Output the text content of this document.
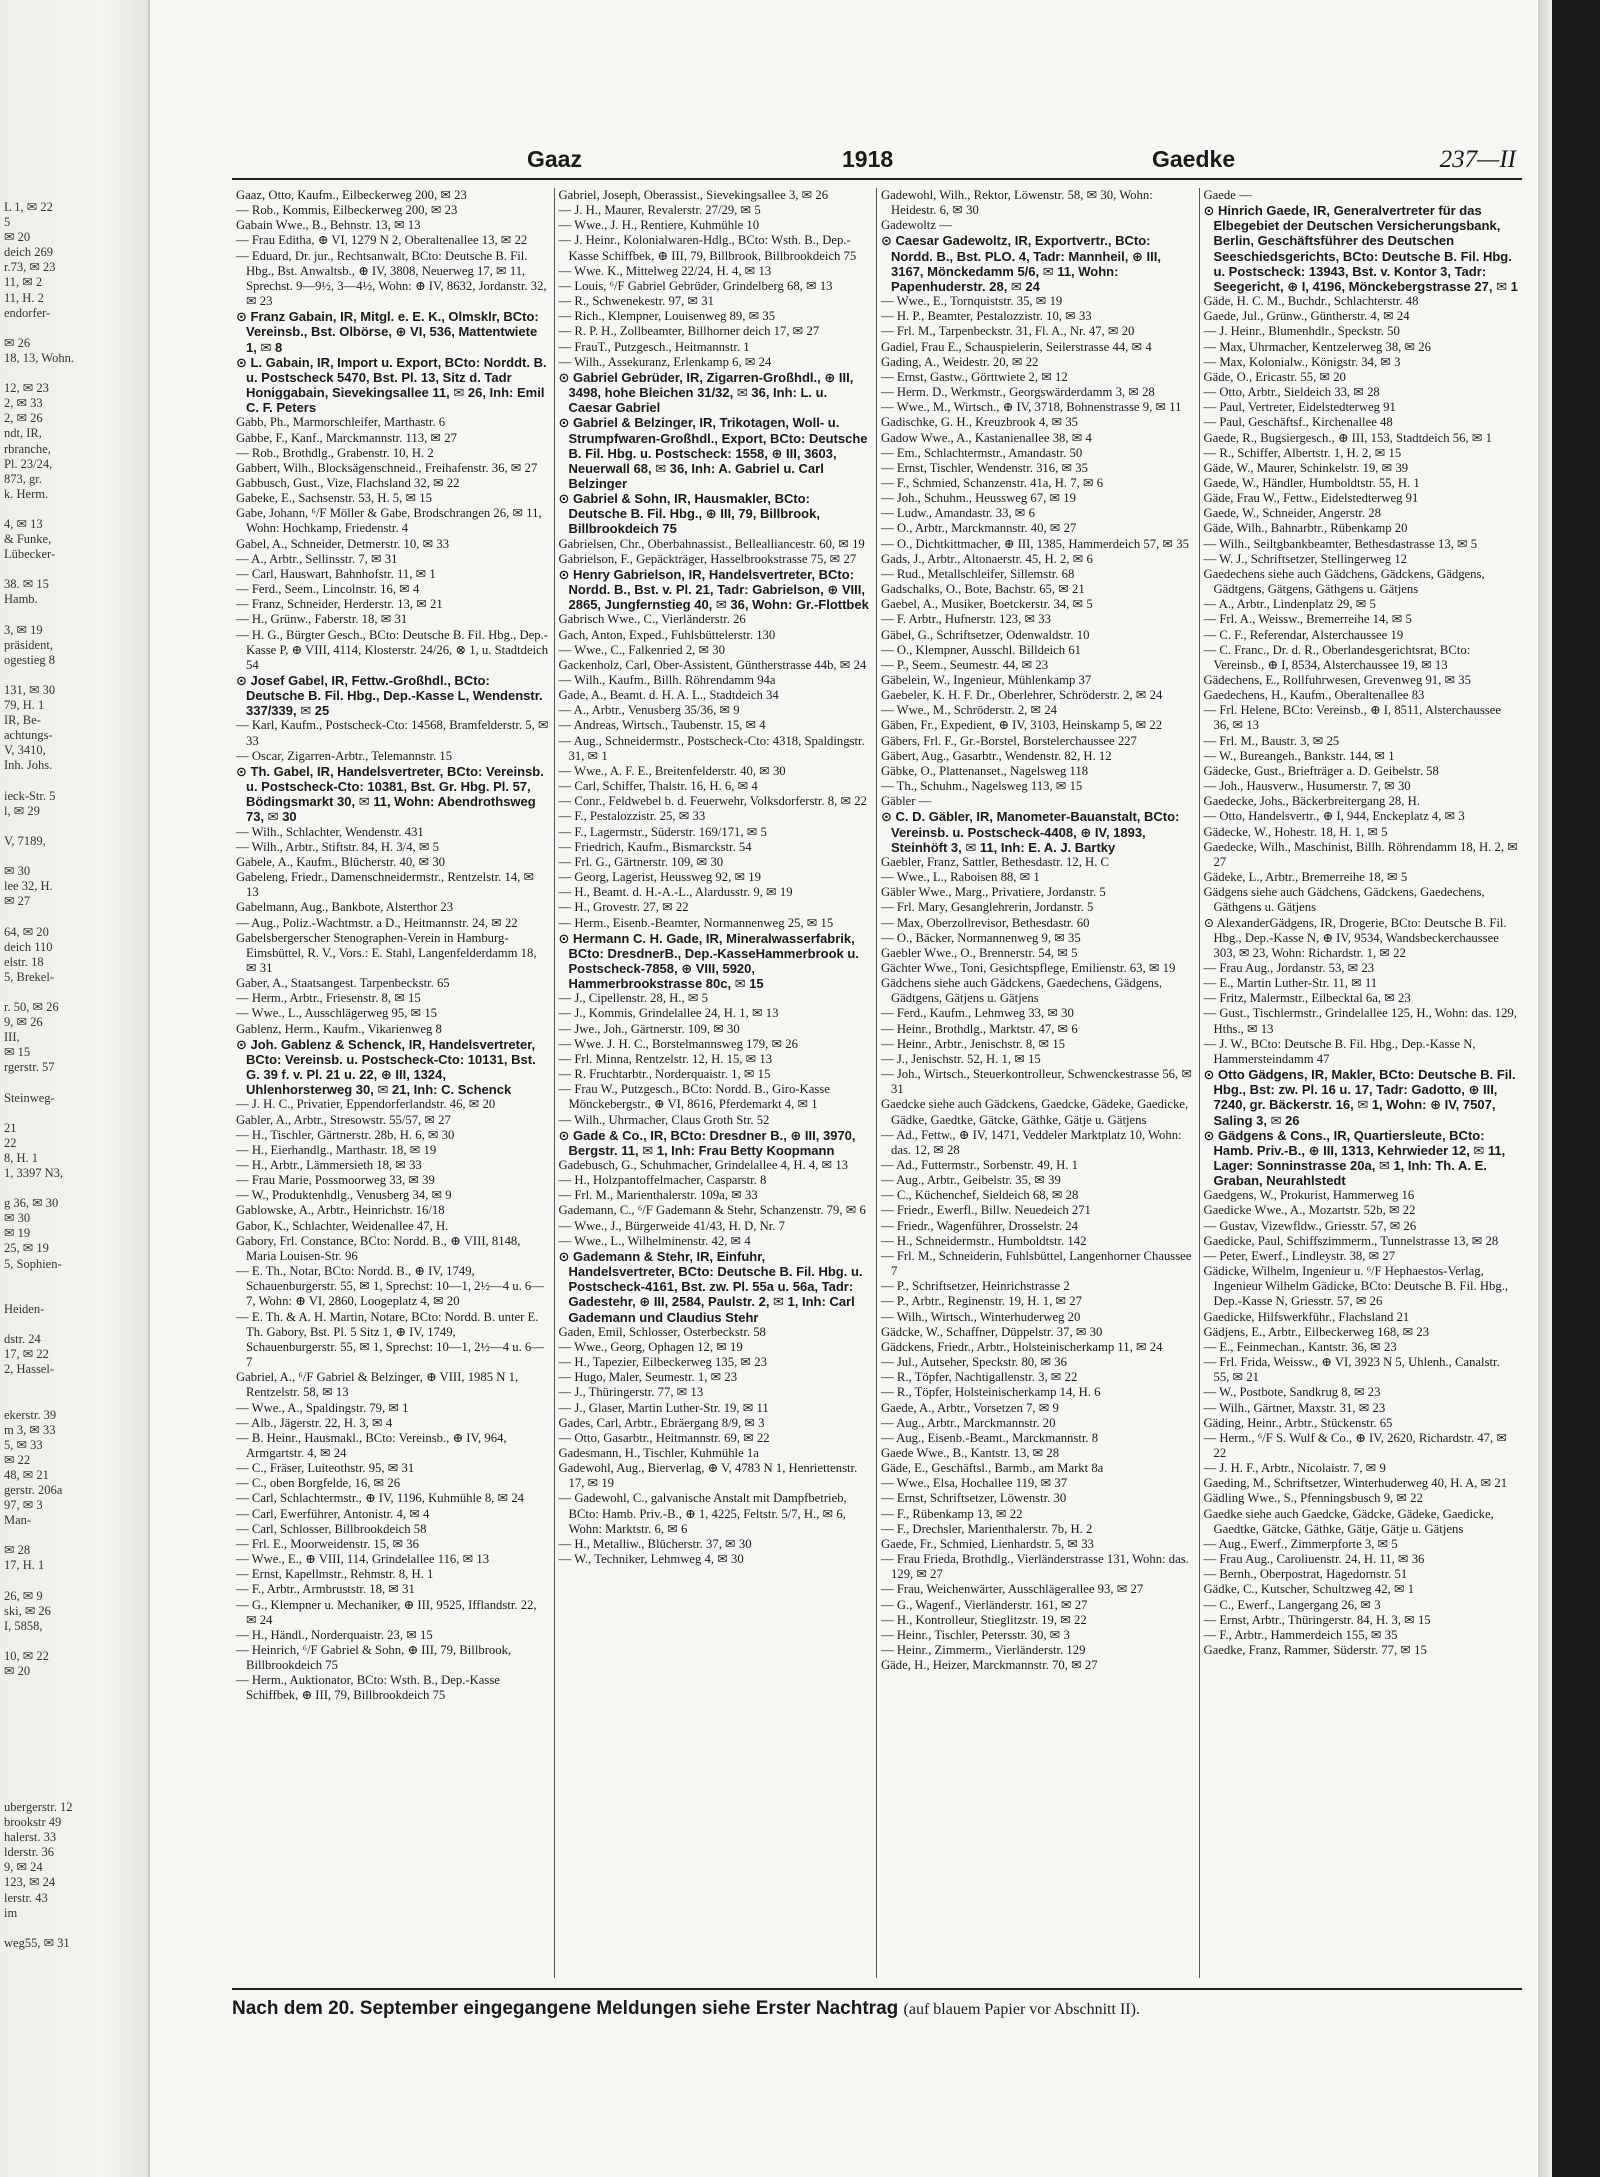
L 1, ✉ 22
5
✉ 20
deich 269
r.73, ✉ 23
11, ✉ 2
11, H. 2
endorfer-

✉ 26
18, 13, Wohn.

12, ✉ 23
2, ✉ 33
2, ✉ 26
ndt, IR,
rbranche,
Pl. 23/24,
873, gr.
k. Herm.

4, ✉ 13
& Funke,
Lübecker-

38. ✉ 15
Hamb.

3, ✉ 19
präsident,
ogestieg 8

131, ✉ 30
79, H. 1
IR, Be-
achtungs-
V, 3410,
Inh. Johs.

ieck-Str. 5
l, ✉ 29

V, 7189,

✉ 30
lee 32, H.
✉ 27

64, ✉ 20
deich 110
elstr. 18
5, Brekel-

r. 50, ✉ 26
9, ✉ 26
III,
✉ 15
rgerstr. 57

Steinweg-

21
22
8, H. 1
1, 3397 N3,

g 36, ✉ 30
✉ 30
✉ 19
25, ✉ 19
5, Sophien-

Heiden-

dstr. 24
17, ✉ 22
2, Hassel-

ekerstr. 39
m 3, ✉ 33
5, ✉ 33
✉ 22
48, ✉ 21
gerstr. 206a
97, ✉ 3
Man-

✉ 28
17, H. 1

26, ✉ 9
ski, ✉ 26
I, 5858,

10, ✉ 22
✉ 20

ubergerstr. 12
brookstr 49
halerst. 33
lderstr. 36
9, ✉ 24
123, ✉ 24
lerstr. 43
im

weg55, ✉ 31
Gaaz	1918	Gaedke	237—II
Gaaz, Otto, Kaufm., Eilbeckerweg 200, ✉ 23
— Rob., Kommis, Eilbeckerweg 200, ✉ 23
Gabain Wwe., B., Behnstr. 13, ✉ 13
— Frau Editha, ⊕ VI, 1279 N 2, Oberaltenallee 13, ✉ 22
— Eduard, Dr. jur., Rechtsanwalt, BCto: Deutsche B. Fil. Hbg., Bst. Anwaltsb., ⊕ IV, 3808, Neuerweg 17, ✉ 11, Sprechst. 9—9½, 3—4½, Wohn: ⊕ IV, 8632, Jordanstr. 32, ✉ 23
⊙ Franz Gabain, IR, Mitgl. e. E. K., Olmsklr, BCto: Vereinsb., Bst. Olbörse, ⊕ VI, 536, Mattentwiete 1, ✉ 8
⊙ L. Gabain, IR, Import u. Export, BCto: Norddt. B. u. Postscheck 5470, Bst. Pl. 13, Sitz d. Tadr Honiggabain, Sievekingsallee 11, ✉ 26, Inh: Emil C. F. Peters
Gabb, Ph., Marmorschleifer, Marthastr. 6
Gabbe, F., Kanf., Marckmannstr. 113, ✉ 27
— Rob., Brothdlg., Grabenstr. 10, H. 2
Gabbert, Wilh., Blocksägenschneid., Freihafenstr. 36, ✉ 27
Gabbusch, Gust., Vize, Flachsland 32, ✉ 22
Gabeke, E., Sachsenstr. 53, H. 5, ✉ 15
Gabe, Johann, ⁶/F Möller & Gabe, Brodschrangen 26, ✉ 11, Wohn: Hochkamp, Friedenstr. 4
Gabel, A., Schneider, Detmerstr. 10, ✉ 33
— A., Arbtr., Sellinsstr. 7, ✉ 31
— Carl, Hauswart, Bahnhofstr. 11, ✉ 1
— Ferd., Seem., Lincolnstr. 16, ✉ 4
— Franz, Schneider, Herderstr. 13, ✉ 21
— H., Grünw., Faberstr. 18, ✉ 31
— H. G., Bürgter Gesch., BCto: Deutsche B. Fil. Hbg., Dep.-Kasse P, ⊕ VIII, 4114, Klosterstr. 24/26, ⊗ 1, u. Stadtdeich 54
⊙ Josef Gabel, IR, Fettw.-Großhdl., BCto: Deutsche B. Fil. Hbg., Dep.-Kasse L, Wendenstr. 337/339, ✉ 25
— Karl, Kaufm., Postscheck-Cto: 14568, Bramfelderstr. 5, ✉ 33
— Oscar, Zigarren-Arbtr., Telemannstr. 15
⊙ Th. Gabel, IR, Handelsvertreter, BCto: Vereinsb. u. Postscheck-Cto: 10381, Bst. Gr. Hbg. Pl. 57, Bödingsmarkt 30, ✉ 11, Wohn: Abendrothsweg 73, ✉ 30
— Wilh., Schlachter, Wendenstr. 431
— Wilh., Arbtr., Stiftstr. 84, H. 3/4, ✉ 5
Gabele, A., Kaufm., Blücherstr. 40, ✉ 30
Gabeleng, Friedr., Damenschneidermstr., Rentzelstr. 14, ✉ 13
Gabelmann, Aug., Bankbote, Alsterthor 23
— Aug., Poliz.-Wachtmstr. a D., Heitmannstr. 24, ✉ 22
Gabelsbergerscher Stenographen-Verein in Hamburg-Eimsbüttel, R. V., Vors.: E. Stahl, Langenfelderdamm 18, ✉ 31
Gaber, A., Staatsangest. Tarpenbeckstr. 65
— Herm., Arbtr., Friesenstr. 8, ✉ 15
— Wwe., L., Ausschlägerweg 95, ✉ 15
Gablenz, Herm., Kaufm., Vikarienweg 8
⊙ Joh. Gablenz & Schenck, IR, Handelsvertreter, BCto: Vereinsb. u. Postscheck-Cto: 10131, Bst. G. 39 f. v. Pl. 21 u. 22, ⊕ III, 1324, Uhlenhorsterweg 30, ✉ 21, Inh: C. Schenck
— J. H. C., Privatier, Eppendorferlandstr. 46, ✉ 20
Gabler, A., Arbtr., Stresowstr. 55/57, ✉ 27
— H., Tischler, Gärtnerstr. 28b, H. 6, ✉ 30
— H., Eierhandlg., Marthastr. 18, ✉ 19
— H., Arbtr., Lämmersieth 18, ✉ 33
— Frau Marie, Possmoorweg 33, ✉ 39
— W., Produktenhdlg., Venusberg 34, ✉ 9
Gablowske, A., Arbtr., Heinrichstr. 16/18
Gabor, K., Schlachter, Weidenallee 47, H.
Gabory, Frl. Constance, BCto: Nordd. B., ⊕ VIII, 8148, Maria Louisen-Str. 96
— E. Th., Notar, BCto: Nordd. B., ⊕ IV, 1749, Schauenburgerstr. 55, ✉ 1, Sprechst: 10—1, 2½—4 u. 6—7, Wohn: ⊕ VI, 2860, Loogeplatz 4, ✉ 20
— E. Th. & A. H. Martin, Notare, BCto: Nordd. B. unter E. Th. Gabory, Bst. Pl. 5 Sitz 1, ⊕ IV, 1749, Schauenburgerstr. 55, ✉ 1, Sprechst: 10—1, 2½—4 u. 6—7
Gabriel, A., ⁶/F Gabriel & Belzinger, ⊕ VIII, 1985 N 1, Rentzelstr. 58, ✉ 13
— Wwe., A., Spaldingstr. 79, ✉ 1
— Alb., Jägerstr. 22, H. 3, ✉ 4
— B. Heinr., Hausmakl., BCto: Vereinsb., ⊕ IV, 964, Armgartstr. 4, ✉ 24
— C., Fräser, Luiteothstr. 95, ✉ 31
— C., oben Borgfelde, 16, ✉ 26
— Carl, Schlachtermstr., ⊕ IV, 1196, Kuhmühle 8, ✉ 24
— Carl, Ewerführer, Antonistr. 4, ✉ 4
— Carl, Schlosser, Billbrookdeich 58
— Frl. E., Moorweidenstr. 15, ✉ 36
— Wwe., E., ⊕ VIII, 114, Grindelallee 116, ✉ 13
— Ernst, Kapellmstr., Rehmstr. 8, H. 1
— F., Arbtr., Armbruststr. 18, ✉ 31
— G., Klempner u. Mechaniker, ⊕ III, 9525, Ifflandstr. 22, ✉ 24
— H., Händl., Norderquaistr. 23, ✉ 15
— Heinrich, ⁶/F Gabriel & Sohn, ⊕ III, 79, Billbrook, Billbrookdeich 75
— Herm., Auktionator, BCto: Wsth. B., Dep.-Kasse Schiffbek, ⊕ III, 79, Billbrookdeich 75
Gabriel, Joseph, Oberassist., Sievekingsallee 3, ✉ 26
— J. H., Maurer, Revalerstr. 27/29, ✉ 5
— Wwe., J. H., Rentiere, Kuhmühle 10
— J. Heinr., Kolonialwaren-Hdlg., BCto: Wsth. B., Dep.-Kasse Schiffbek, ⊕ III, 79, Billbrook, Billbrookdeich 75
— Wwe. K., Mittelweg 22/24, H. 4, ✉ 13
— Louis, ⁶/F Gabriel Gebrüder, Grindelberg 68, ✉ 13
— R., Schwenekestr. 97, ✉ 31
— Rich., Klempner, Louisenweg 89, ✉ 35
— R. P. H., Zollbeamter, Billhorner deich 17, ✉ 27
— FrauT., Putzgesch., Heitmannstr. 1
— Wilh., Assekuranz, Erlenkamp 6, ✉ 24
⊙ Gabriel Gebrüder, IR, Zigarren-Großhdl., ⊕ III, 3498, hohe Bleichen 31/32, ✉ 36, Inh: L. u. Caesar Gabriel
⊙ Gabriel & Belzinger, IR, Trikotagen, Woll- u. Strumpfwaren-Großhdl., Export, BCto: Deutsche B. Fil. Hbg. u. Postscheck: 1558, ⊕ III, 3603, Neuerwall 68, ✉ 36, Inh: A. Gabriel u. Carl Belzinger
⊙ Gabriel & Sohn, IR, Hausmakler, BCto: Deutsche B. Fil. Hbg., ⊕ III, 79, Billbrook, Billbrookdeich 75
Gabrielsen, Chr., Oberbahnassist., Bellealliancestr. 60, ✉ 19
Gabrielson, F., Gepäckträger, Hasselbrookstrasse 75, ✉ 27
⊙ Henry Gabrielson, IR, Handelsvertreter, BCto: Nordd. B., Bst. v. Pl. 21, Tadr: Gabrielson, ⊕ VIII, 2865, Jungfernstieg 40, ✉ 36, Wohn: Gr.-Flottbek
Gabrisch Wwe., C., Vierländerstr. 26
Gach, Anton, Exped., Fuhlsbüttelerstr. 130
— Wwe., C., Falkenried 2, ✉ 30
Gackenholz, Carl, Ober-Assistent, Güntherstrasse 44b, ✉ 24
— Wilh., Kaufm., Billh. Röhrendamm 94a
Gade, A., Beamt. d. H. A. L., Stadtdeich 34
— A., Arbtr., Venusberg 35/36, ✉ 9
— Andreas, Wirtsch., Taubenstr. 15, ✉ 4
— Aug., Schneidermstr., Postscheck-Cto: 4318, Spaldingstr. 31, ✉ 1
— Wwe., A. F. E., Breitenfelderstr. 40, ✉ 30
— Carl, Schiffer, Thalstr. 16, H. 6, ✉ 4
— Conr., Feldwebel b. d. Feuerwehr, Volksdorferstr. 8, ✉ 22
— F., Pestalozzistr. 25, ✉ 33
— F., Lagermstr., Süderstr. 169/171, ✉ 5
— Friedrich, Kaufm., Bismarckstr. 54
— Frl. G., Gärtnerstr. 109, ✉ 30
— Georg, Lagerist, Heussweg 92, ✉ 19
— H., Beamt. d. H.-A.-L., Alardusstr. 9, ✉ 19
— H., Grovestr. 27, ✉ 22
— Herm., Eisenb.-Beamter, Normannenweg 25, ✉ 15
⊙ Hermann C. H. Gade, IR, Mineralwasserfabrik, BCto: DresdnerB., Dep.-KasseHammerbrook u. Postscheck-7858, ⊕ VIII, 5920, Hammerbrookstrasse 80c, ✉ 15
— J., Cipellenstr. 28, H., ✉ 5
— J., Kommis, Grindelallee 24, H. 1, ✉ 13
— Jwe., Joh., Gärtnerstr. 109, ✉ 30
— Wwe. J. H. C., Borstelmannsweg 179, ✉ 26
— Frl. Minna, Rentzelstr. 12, H. 15, ✉ 13
— R. Fruchtarbtr., Norderquaistr. 1, ✉ 15
— Frau W., Putzgesch., BCto: Nordd. B., Giro-Kasse Mönckebergstr., ⊕ VI, 8616, Pferdemarkt 4, ✉ 1
— Wilh., Uhrmacher, Claus Groth Str. 52
⊙ Gade & Co., IR, BCto: Dresdner B., ⊕ III, 3970, Bergstr. 11, ✉ 1, Inh: Frau Betty Koopmann
Gadebusch, G., Schuhmacher, Grindelallee 4, H. 4, ✉ 13
— H., Holzpantoffelmacher, Casparstr. 8
— Frl. M., Marienthalerstr. 109a, ✉ 33
Gademann, C., ⁶/F Gademann & Stehr, Schanzenstr. 79, ✉ 6
— Wwe., J., Bürgerweide 41/43, H. D, Nr. 7
— Wwe., L., Wilhelminenstr. 42, ✉ 4
⊙ Gademann & Stehr, IR, Einfuhr, Handelsvertreter, BCto: Deutsche B. Fil. Hbg. u. Postscheck-4161, Bst. zw. Pl. 55a u. 56a, Tadr: Gadestehr, ⊕ III, 2584, Paulstr. 2, ✉ 1, Inh: Carl Gademann und Claudius Stehr
Gaden, Emil, Schlosser, Osterbeckstr. 58
— Wwe., Georg, Ophagen 12, ✉ 19
— H., Tapezier, Eilbeckerweg 135, ✉ 23
— Hugo, Maler, Seumestr. 1, ✉ 23
— J., Thüringerstr. 77, ✉ 13
— J., Glaser, Martin Luther-Str. 19, ✉ 11
Gades, Carl, Arbtr., Ebräergang 8/9, ✉ 3
— Otto, Gasarbtr., Heitmannstr. 69, ✉ 22
Gadesmann, H., Tischler, Kuhmühle 1a
Gadewohl, Aug., Bierverlag, ⊕ V, 4783 N 1, Henriettenstr. 17, ✉ 19
— Gadewohl, C., galvanische Anstalt mit Dampfbetrieb, BCto: Hamb. Priv.-B., ⊕ 1, 4225, Feltstr. 5/7, H., ✉ 6, Wohn: Marktstr. 6, ✉ 6
— H., Metalliw., Blücherstr. 37, ✉ 30
— W., Techniker, Lehmweg 4, ✉ 30
Gadewohl, Wilh., Rektor, Löwenstr. 58, ✉ 30, Wohn: Heidestr. 6, ✉ 30
Gadewoltz —
⊙ Caesar Gadewoltz, IR, Exportvertr., BCto: Nordd. B., Bst. PLO. 4, Tadr: Mannheil, ⊕ III, 3167, Mönckedamm 5/6, ✉ 11, Wohn: Papenhuderstr. 28, ✉ 24
— Wwe., E., Tornquiststr. 35, ✉ 19
— H. P., Beamter, Pestalozzistr. 10, ✉ 33
— Frl. M., Tarpenbeckstr. 31, Fl. A., Nr. 47, ✉ 20
Gadiel, Frau E., Schauspielerin, Seilerstrasse 44, ✉ 4
Gading, A., Weidestr. 20, ✉ 22
— Ernst, Gastw., Görttwiete 2, ✉ 12
— Herm. D., Werkmstr., Georgswärderdamm 3, ✉ 28
— Wwe., M., Wirtsch., ⊕ IV, 3718, Bohnenstrasse 9, ✉ 11
Gadischke, G. H., Kreuzbrook 4, ✉ 35
Gadow Wwe., A., Kastanienallee 38, ✉ 4
— Em., Schlachtermstr., Amandastr. 50
— Ernst, Tischler, Wendenstr. 316, ✉ 35
— F., Schmied, Schanzenstr. 41a, H. 7, ✉ 6
— Joh., Schuhm., Heussweg 67, ✉ 19
— Ludw., Amandastr. 33, ✉ 6
— O., Arbtr., Marckmannstr. 40, ✉ 27
— O., Dichtkittmacher, ⊕ III, 1385, Hammerdeich 57, ✉ 35
Gads, J., Arbtr., Altonaerstr. 45, H. 2, ✉ 6
— Rud., Metallschleifer, Sillemstr. 68
Gadschalks, O., Bote, Bachstr. 65, ✉ 21
Gaebel, A., Musiker, Boetckerstr. 34, ✉ 5
— F. Arbtr., Hufnerstr. 123, ✉ 33
Gäbel, G., Schriftsetzer, Odenwaldstr. 10
— O., Klempner, Ausschl. Billdeich 61
— P., Seem., Seumestr. 44, ✉ 23
Gäbelein, W., Ingenieur, Mühlenkamp 37
Gaebeler, K. H. F. Dr., Oberlehrer, Schröderstr. 2, ✉ 24
— Wwe., M., Schröderstr. 2, ✉ 24
Gäben, Fr., Expedient, ⊕ IV, 3103, Heinskamp 5, ✉ 22
Gäbers, Frl. F., Gr.-Borstel, Borstelerchaussee 227
Gäbert, Aug., Gasarbtr., Wendenstr. 82, H. 12
Gäbke, O., Plattenanset., Nagelsweg 118
— Th., Schuhm., Nagelsweg 113, ✉ 15
Gäbler —
⊙ C. D. Gäbler, IR, Manometer-Bauanstalt, BCto: Vereinsb. u. Postscheck-4408, ⊕ IV, 1893, Steinhöft 3, ✉ 11, Inh: E. A. J. Bartky
Gaebler, Franz, Sattler, Bethesdastr. 12, H. C
— Wwe., L., Raboisen 88, ✉ 1
Gäbler Wwe., Marg., Privatiere, Jordanstr. 5
— Frl. Mary, Gesanglehrerin, Jordanstr. 5
— Max, Oberzollrevisor, Bethesdastr. 60
— O., Bäcker, Normannenweg 9, ✉ 35
Gaebler Wwe., O., Brennerstr. 54, ✉ 5
Gächter Wwe., Toni, Gesichtspflege, Emilienstr. 63, ✉ 19
Gädchens siehe auch Gädckens, Gaedechens, Gädgens, Gädtgens, Gätjens u. Gätjens
— Ferd., Kaufm., Lehmweg 33, ✉ 30
— Heinr., Brothdlg., Marktstr. 47, ✉ 6
— Heinr., Arbtr., Jenischstr. 8, ✉ 15
— J., Jenischstr. 52, H. 1, ✉ 15
— Joh., Wirtsch., Steuerkontrolleur, Schwenckestrasse 56, ✉ 31
Gaedcke siehe auch Gädckens, Gaedcke, Gädeke, Gaedicke, Gädke, Gaedtke, Gätcke, Gäthke, Gätje u. Gätjens
— Ad., Fettw., ⊕ IV, 1471, Veddeler Marktplatz 10, Wohn: das. 12, ✉ 28
— Ad., Futtermstr., Sorbenstr. 49, H. 1
— Aug., Arbtr., Geibelstr. 35, ✉ 39
— C., Küchenchef, Sieldeich 68, ✉ 28
— Friedr., Ewerfl., Billw. Neuedeich 271
— Friedr., Wagenführer, Drosselstr. 24
— H., Schneidermstr., Humboldtstr. 142
— Frl. M., Schneiderin, Fuhlsbüttel, Langenhorner Chaussee 7
— P., Schriftsetzer, Heinrichstrasse 2
— P., Arbtr., Reginenstr. 19, H. 1, ✉ 27
— Wilh., Wirtsch., Winterhuderweg 20
Gädcke, W., Schaffner, Düppelstr. 37, ✉ 30
Gädckens, Friedr., Arbtr., Holsteinischerkamp 11, ✉ 24
— Jul., Autseher, Speckstr. 80, ✉ 36
— R., Töpfer, Nachtigallenstr. 3, ✉ 22
— R., Töpfer, Holsteinischerkamp 14, H. 6
Gaede, A., Arbtr., Vorsetzen 7, ✉ 9
— Aug., Arbtr., Marckmannstr. 20
— Aug., Eisenb.-Beamt., Marckmannstr. 8
Gaede Wwe., B., Kantstr. 13, ✉ 28
Gäde, E., Geschäftsl., Barmb., am Markt 8a
— Wwe., Elsa, Hochallee 119, ✉ 37
— Ernst, Schriftsetzer, Löwenstr. 30
— F., Rübenkamp 13, ✉ 22
— F., Drechsler, Marienthalerstr. 7b, H. 2
Gaede, Fr., Schmied, Lienhardstr. 5, ✉ 33
— Frau Frieda, Brothdlg., Vierländerstrasse 131, Wohn: das. 129, ✉ 27
— Frau, Weichenwärter, Ausschlägerallee 93, ✉ 27
— G., Wagenf., Vierländerstr. 161, ✉ 27
— H., Kontrolleur, Stieglitzstr. 19, ✉ 22
— Heinr., Tischler, Petersstr. 30, ✉ 3
— Heinr., Zimmerm., Vierländerstr. 129
Gäde, H., Heizer, Marckmannstr. 70, ✉ 27
Gaede —
⊙ Hinrich Gaede, IR, Generalvertreter für das Elbegebiet der Deutschen Versicherungsbank, Berlin, Geschäftsführer des Deutschen Seeschiedsgerichts, BCto: Deutsche B. Fil. Hbg. u. Postscheck: 13943, Bst. v. Kontor 3, Tadr: Seegericht, ⊕ I, 4196, Mönckebergstrasse 27, ✉ 1
Gäde, H. C. M., Buchdr., Schlachterstr. 48
Gaede, Jul., Grünw., Güntherstr. 4, ✉ 24
— J. Heinr., Blumenhdlr., Speckstr. 50
— Max, Uhrmacher, Kentzelerweg 38, ✉ 26
— Max, Kolonialw., Königstr. 34, ✉ 3
Gäde, O., Ericastr. 55, ✉ 20
— Otto, Arbtr., Sieldeich 33, ✉ 28
— Paul, Vertreter, Eidelstedterweg 91
— Paul, Geschäftsf., Kirchenallee 48
Gaede, R., Bugsiergesch., ⊕ III, 153, Stadtdeich 56, ✉ 1
— R., Schiffer, Albertstr. 1, H. 2, ✉ 15
Gäde, W., Maurer, Schinkelstr. 19, ✉ 39
Gaede, W., Händler, Humboldtstr. 55, H. 1
Gäde, Frau W., Fettw., Eidelstedterweg 91
Gaede, W., Schneider, Angerstr. 28
Gäde, Wilh., Bahnarbtr., Rübenkamp 20
— Wilh., Seiltgbankbeamter, Bethesdastrasse 13, ✉ 5
— W. J., Schriftsetzer, Stellingerweg 12
Gaedechens siehe auch Gädchens, Gädckens, Gädgens, Gädtgens, Gätgens, Gäthgens u. Gätjens
— A., Arbtr., Lindenplatz 29, ✉ 5
— Frl. A., Weissw., Bremerreihe 14, ✉ 5
— C. F., Referendar, Alsterchaussee 19
— C. Franc., Dr. d. R., Oberlandesgerichtsrat, BCto: Vereinsb., ⊕ I, 8534, Alsterchaussee 19, ✉ 13
Gädechens, E., Rollfuhrwesen, Grevenweg 91, ✉ 35
Gaedechens, H., Kaufm., Oberaltenallee 83
— Frl. Helene, BCto: Vereinsb., ⊕ I, 8511, Alsterchaussee 36, ✉ 13
— Frl. M., Baustr. 3, ✉ 25
— W., Bureangeh., Bankstr. 144, ✉ 1
Gädecke, Gust., Briefträger a. D. Geibelstr. 58
— Joh., Hausverw., Husumerstr. 7, ✉ 30
Gaedecke, Johs., Bäckerbreitergang 28, H.
— Otto, Handelsvertr., ⊕ I, 944, Enckeplatz 4, ✉ 3
Gädecke, W., Hohestr. 18, H. 1, ✉ 5
Gaedecke, Wilh., Maschinist, Billh. Röhrendamm 18, H. 2, ✉ 27
Gädeke, L., Arbtr., Bremerreihe 18, ✉ 5
Gädgens siehe auch Gädchens, Gädckens, Gaedechens, Gäthgens u. Gätjens
⊙ AlexanderGädgens, IR, Drogerie, BCto: Deutsche B. Fil. Hbg., Dep.-Kasse N, ⊕ IV, 9534, Wandsbeckerchaussee 303, ✉ 23, Wohn: Richardstr. 1, ✉ 22
— Frau Aug., Jordanstr. 53, ✉ 23
— E., Martin Luther-Str. 11, ✉ 11
— Fritz, Malermstr., Eilbecktal 6a, ✉ 23
— Gust., Tischlermstr., Grindelallee 125, H., Wohn: das. 129, Hths., ✉ 13
— J. W., BCto: Deutsche B. Fil. Hbg., Dep.-Kasse N, Hammersteindamm 47
⊙ Otto Gädgens, IR, Makler, BCto: Deutsche B. Fil. Hbg., Bst: zw. Pl. 16 u. 17, Tadr: Gadotto, ⊕ III, 7240, gr. Bäckerstr. 16, ✉ 1, Wohn: ⊕ IV, 7507, Saling 3, ✉ 26
⊙ Gädgens & Cons., IR, Quartiersleute, BCto: Hamb. Priv.-B., ⊕ III, 1313, Kehrwieder 12, ✉ 11, Lager: Sonninstrasse 20a, ✉ 1, Inh: Th. A. E. Graban, Neurahlstedt
Gaedgens, W., Prokurist, Hammerweg 16
Gaedicke Wwe., A., Mozartstr. 52b, ✉ 22
— Gustav, Vizewfldw., Griesstr. 57, ✉ 26
Gaedicke, Paul, Schiffszimmerm., Tunnelstrasse 13, ✉ 28
— Peter, Ewerf., Lindleystr. 38, ✉ 27
Gädicke, Wilhelm, Ingenieur u. ⁶/F Hephaestos-Verlag, Ingenieur Wilhelm Gädicke, BCto: Deutsche B. Fil. Hbg., Dep.-Kasse N, Griesstr. 57, ✉ 26
Gaedicke, Hilfswerkführ., Flachsland 21
Gädjens, E., Arbtr., Eilbeckerweg 168, ✉ 23
— E., Feinmechan., Kantstr. 36, ✉ 23
— Frl. Frida, Weissw., ⊕ VI, 3923 N 5, Uhlenh., Canalstr. 55, ✉ 21
— W., Postbote, Sandkrug 8, ✉ 23
— Wilh., Gärtner, Maxstr. 31, ✉ 23
Gäding, Heinr., Arbtr., Stückenstr. 65
— Herm., ⁶/F S. Wulf & Co., ⊕ IV, 2620, Richardstr. 47, ✉ 22
— J. H. F., Arbtr., Nicolaistr. 7, ✉ 9
Gaeding, M., Schriftsetzer, Winterhuderweg 40, H. A, ✉ 21
Gädling Wwe., S., Pfenningsbusch 9, ✉ 22
Gaedke siehe auch Gaedcke, Gädcke, Gädeke, Gaedicke, Gaedtke, Gätcke, Gäthke, Gätje, Gätje u. Gätjens
— Aug., Ewerf., Zimmerpforte 3, ✉ 5
— Frau Aug., Caroliuenstr. 24, H. 11, ✉ 36
— Bernh., Oberpostrat, Hagedornstr. 51
Gädke, C., Kutscher, Schultzweg 42, ✉ 1
— C., Ewerf., Langergang 26, ✉ 3
— Ernst, Arbtr., Thüringerstr. 84, H. 3, ✉ 15
— F., Arbtr., Hammerdeich 155, ✉ 35
Gaedke, Franz, Rammer, Süderstr. 77, ✉ 15
Nach dem 20. September eingegangene Meldungen siehe Erster Nachtrag (auf blauem Papier vor Abschnitt II).
